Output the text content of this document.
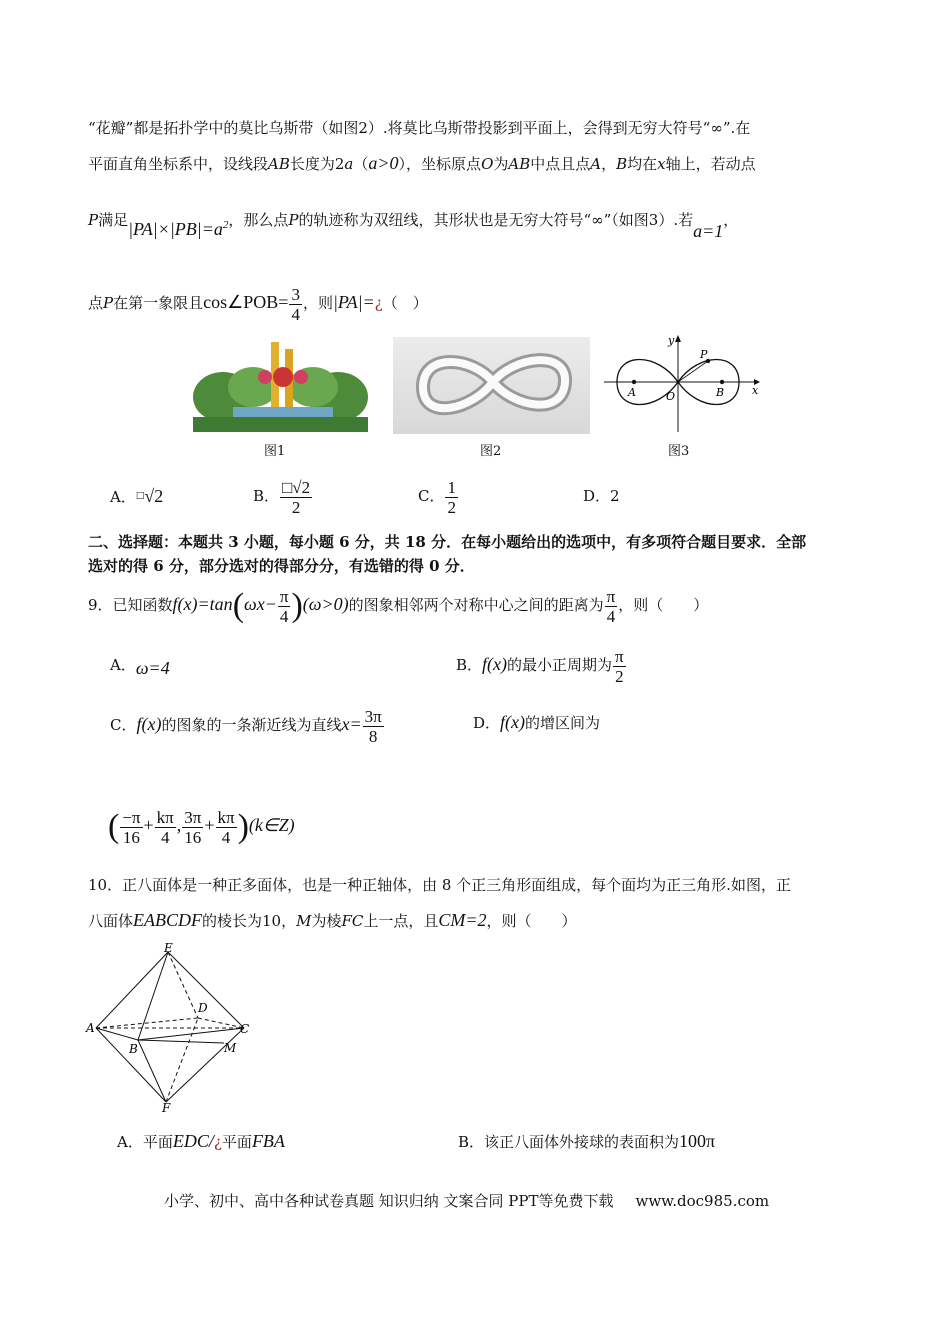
“花瓣”都是拓扑学中的莫比乌斯带（如图2）.将莫比乌斯带投影到平面上，会得到无穷大符号“∞”.在
平面直角坐标系中，设线段AB长度为2a（a>0），坐标原点O为AB中点且点A，B均在x轴上，若动点
P满足$|PA|\times|PB|=a^2$，那么点P的轨迹称为双纽线，其形状也是无穷大符号“∞”（如图3）.若a=1，
点P在第一象限且cos∠POB= $\frac{3}{4}$ ，则|PA|=¿（　）
y
x
P
A	O	B
图1	图2	图3
A．□√2	B． $\frac{□√2}{2}$	C． $\frac{1}{2}$	D．2
二、选择题：本题共 3 小题，每小题 6 分，共 18 分．在每小题给出的选项中，有多项符合题目要求．全部
选对的得 6 分，部分选对的得部分分，有选错的得 0 分．
9．已知函数$f(x)=\tan(\omega x- \frac{\pi}{4} )(\omega>0)$的图象相邻两个对称中心之间的距离为 $\frac{\pi}{4}$ ，则（　　）
A．ω=4	B．f(x)的最小正周期为 $\frac{\pi}{2}$
C．f(x)的图象的一条渐近线为直线$x= \frac{3\pi}{8}$	D．f(x)的增区间为
( $\frac{-\pi}{16} + \frac{k\pi}{4}$ , $\frac{3\pi}{16} + \frac{k\pi}{4}$ )(k∈Z)
10．正八面体是一种正多面体，也是一种正轴体，由 8 个正三角形面组成，每个面均为正三角形.如图，正
八面体EABCDF的棱长为10，M为棱FC上一点，且CM=2，则（　　）
E
A
D
C
B	M
F
A．平面EDC/¿平面FBA	B．该正八面体外接球的表面积为100π
小学、初中、高中各种试卷真题 知识归纳 文案合同 PPT等免费下载 www.doc985.com
